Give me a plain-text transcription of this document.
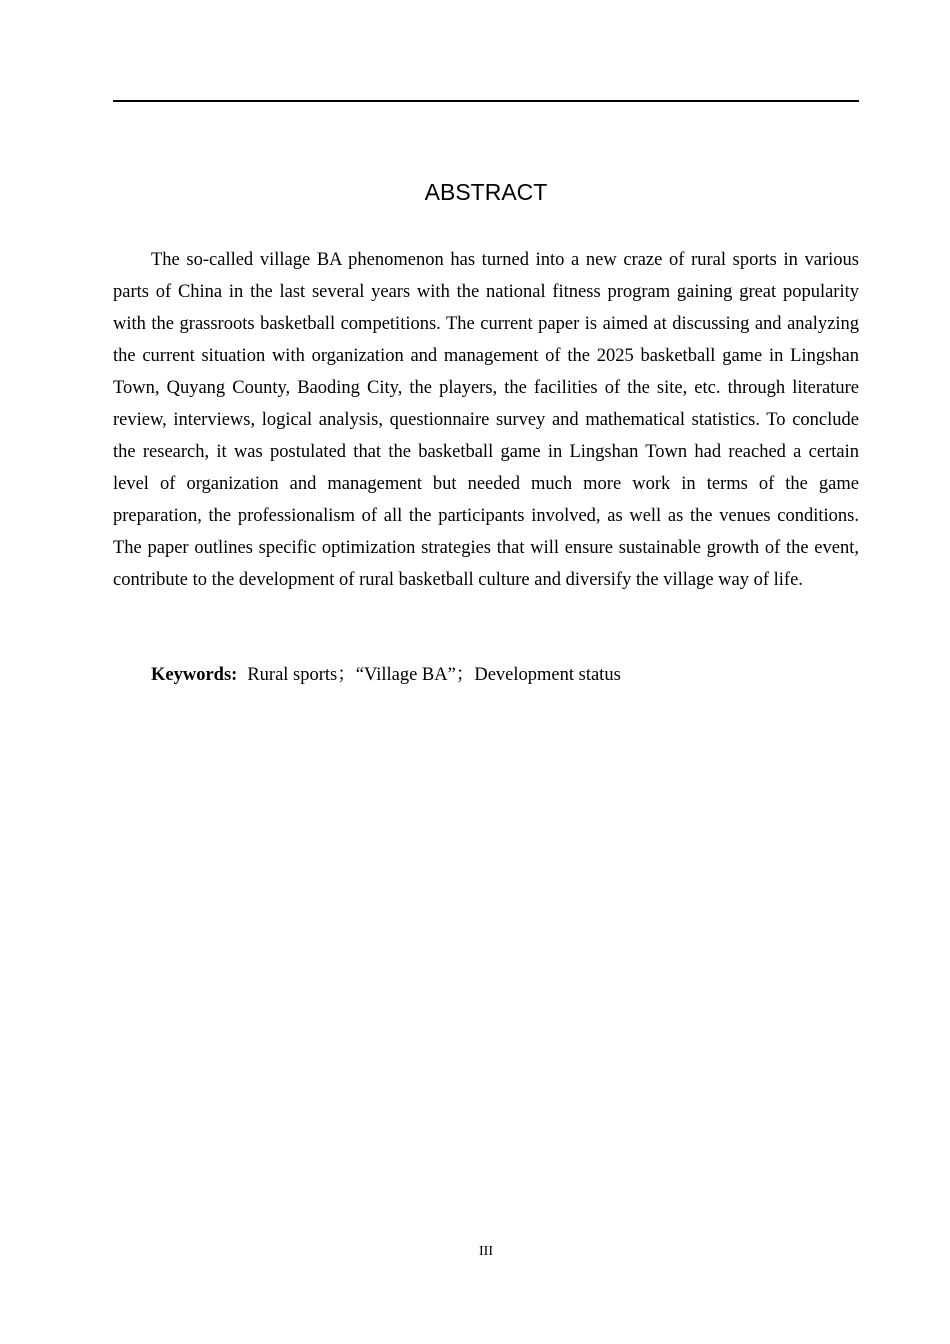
ABSTRACT

The so-called village BA phenomenon has turned into a new craze of rural sports in various parts of China in the last several years with the national fitness program gaining great popularity with the grassroots basketball competitions. The current paper is aimed at discussing and analyzing the current situation with organization and management of the 2025 basketball game in Lingshan Town, Quyang County, Baoding City, the players, the facilities of the site, etc. through literature review, interviews, logical analysis, questionnaire survey and mathematical statistics. To conclude the research, it was postulated that the basketball game in Lingshan Town had reached a certain level of organization and management but needed much more work in terms of the game preparation, the professionalism of all the participants involved, as well as the venues conditions. The paper outlines specific optimization strategies that will ensure sustainable growth of the event, contribute to the development of rural basketball culture and diversify the village way of life.

Keywords: Rural sports；“Village BA”；Development status

III
